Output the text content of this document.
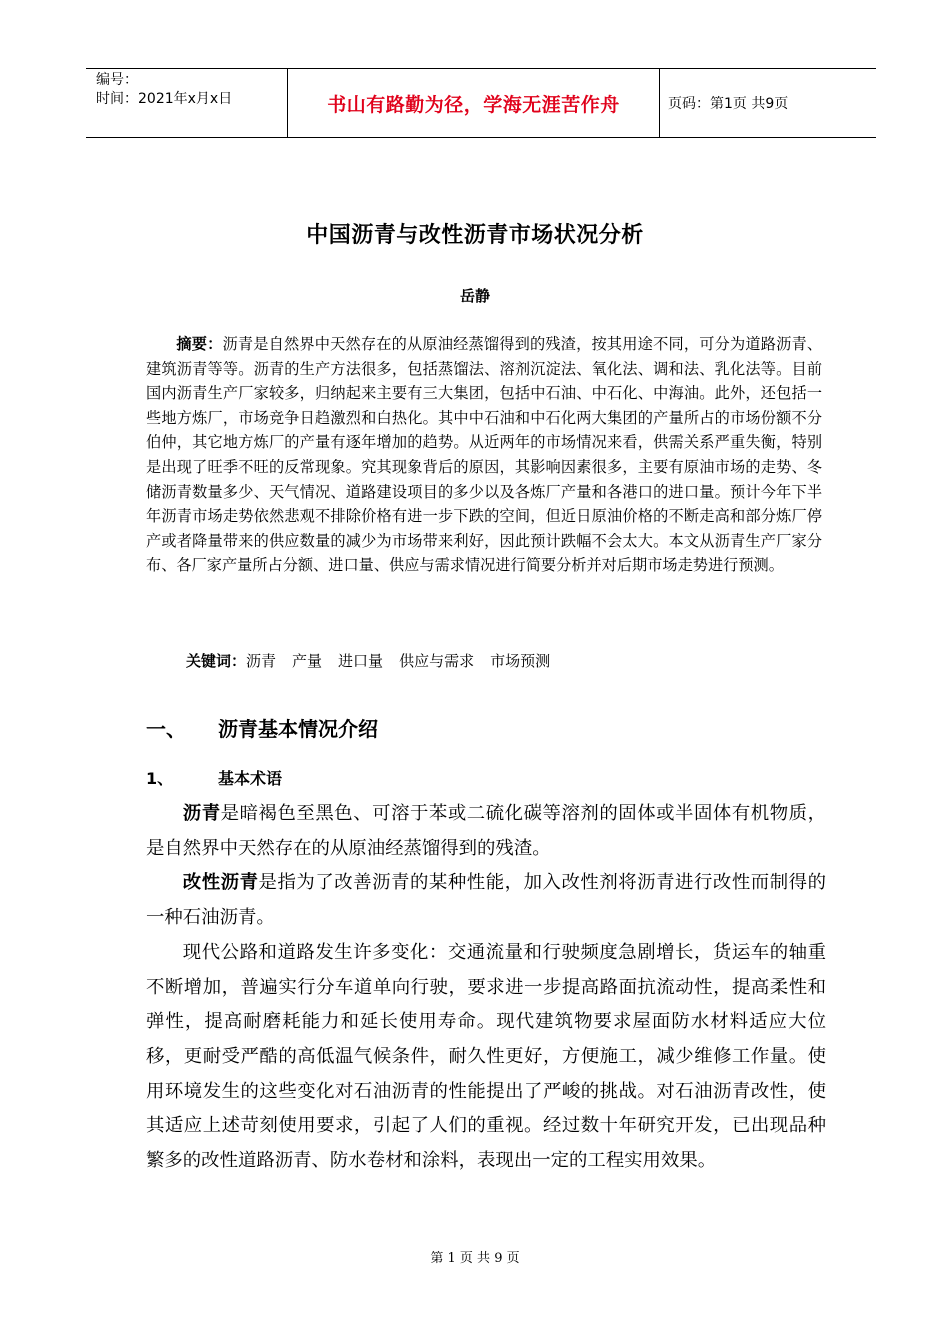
编号：
时间：2021年x月x日	书山有路勤为径，学海无涯苦作舟	页码：第1页 共9页
中国沥青与改性沥青市场状况分析
岳静
摘要：沥青是自然界中天然存在的从原油经蒸馏得到的残渣，按其用途不同，可分为道路沥青、建筑沥青等等。沥青的生产方法很多，包括蒸馏法、溶剂沉淀法、氧化法、调和法、乳化法等。目前国内沥青生产厂家较多，归纳起来主要有三大集团，包括中石油、中石化、中海油。此外，还包括一些地方炼厂，市场竞争日趋激烈和白热化。其中中石油和中石化两大集团的产量所占的市场份额不分伯仲，其它地方炼厂的产量有逐年增加的趋势。从近两年的市场情况来看，供需关系严重失衡，特别是出现了旺季不旺的反常现象。究其现象背后的原因，其影响因素很多，主要有原油市场的走势、冬储沥青数量多少、天气情况、道路建设项目的多少以及各炼厂产量和各港口的进口量。预计今年下半年沥青市场走势依然悲观不排除价格有进一步下跌的空间，但近日原油价格的不断走高和部分炼厂停产或者降量带来的供应数量的减少为市场带来利好，因此预计跌幅不会太大。本文从沥青生产厂家分布、各厂家产量所占分额、进口量、供应与需求情况进行简要分析并对后期市场走势进行预测。
关键词：沥青 产量 进口量 供应与需求 市场预测
一、 沥青基本情况介绍
1、	基本术语

沥青是暗褐色至黑色、可溶于苯或二硫化碳等溶剂的固体或半固体有机物质，是自然界中天然存在的从原油经蒸馏得到的残渣。

改性沥青是指为了改善沥青的某种性能，加入改性剂将沥青进行改性而制得的一种石油沥青。

现代公路和道路发生许多变化：交通流量和行驶频度急剧增长，货运车的轴重不断增加，普遍实行分车道单向行驶，要求进一步提高路面抗流动性，提高柔性和弹性，提高耐磨耗能力和延长使用寿命。现代建筑物要求屋面防水材料适应大位移，更耐受严酷的高低温气候条件，耐久性更好，方便施工，减少维修工作量。使用环境发生的这些变化对石油沥青的性能提出了严峻的挑战。对石油沥青改性，使其适应上述苛刻使用要求，引起了人们的重视。经过数十年研究开发，已出现品种繁多的改性道路沥青、防水卷材和涂料，表现出一定的工程实用效果。

第 1 页 共 9 页
